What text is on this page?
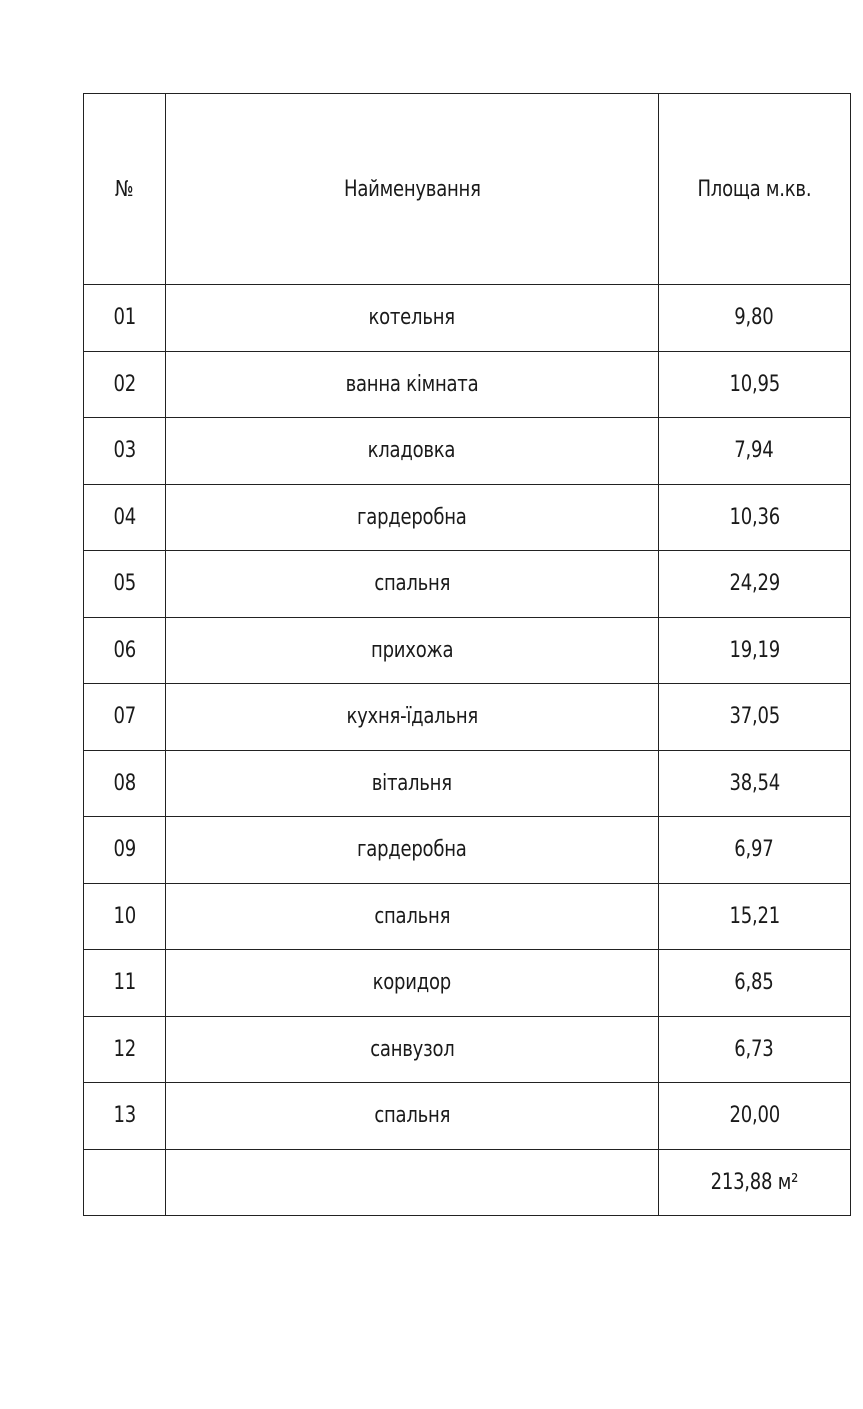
№	Найменування	Площа м.кв.
01	котельня	9,80
02	ванна кімната	10,95
03	кладовка	7,94
04	гардеробна	10,36
05	спальня	24,29
06	прихожа	19,19
07	кухня-їдальня	37,05
08	вітальня	38,54
09	гардеробна	6,97
10	спальня	15,21
11	коридор	6,85
12	санвузол	6,73
13	спальня	20,00
		213,88 м²
